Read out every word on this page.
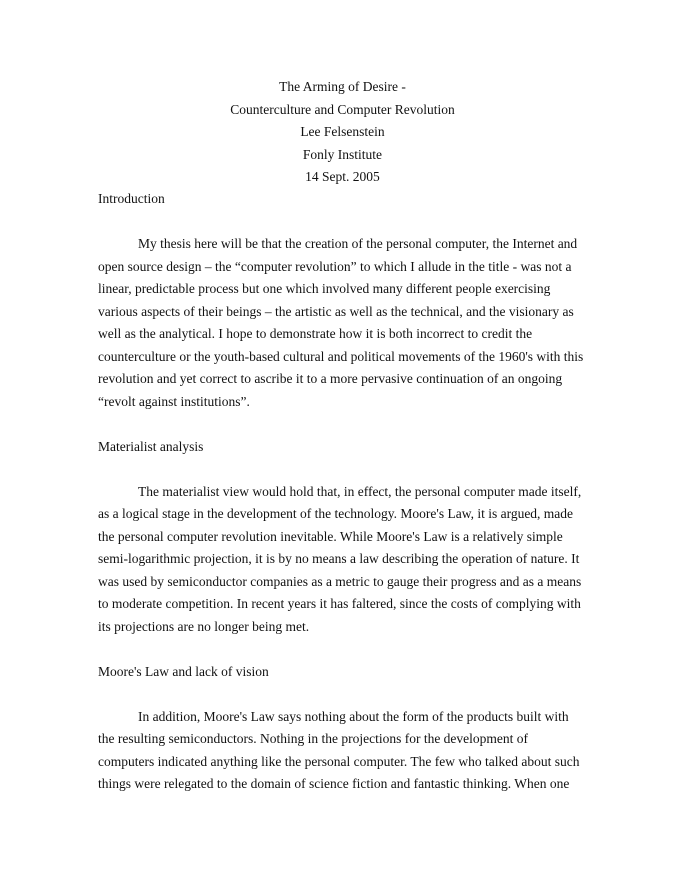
The Arming of Desire -
Counterculture and Computer Revolution
Lee Felsenstein
Fonly Institute
14 Sept. 2005
Introduction
My thesis here will be that the creation of the personal computer, the Internet and
open source design – the “computer revolution” to which I allude in the title - was not a
linear, predictable process but one which involved many different people exercising
various aspects of their beings – the artistic as well as the technical, and the visionary as
well as the analytical. I hope to demonstrate how it is both incorrect to credit the
counterculture or the youth-based cultural and political movements of the 1960's with this
revolution and yet correct to ascribe it to a more pervasive continuation of an ongoing
“revolt against institutions”.
Materialist analysis
The materialist view would hold that, in effect, the personal computer made itself,
as a logical stage in the development of the technology. Moore's Law, it is argued, made
the personal computer revolution inevitable. While Moore's Law is a relatively simple
semi-logarithmic projection, it is by no means a law describing the operation of nature. It
was used by semiconductor companies as a metric to gauge their progress and as a means
to moderate competition. In recent years it has faltered, since the costs of complying with
its projections are no longer being met.
Moore's Law and lack of vision
In addition, Moore's Law says nothing about the form of the products built with
the resulting semiconductors. Nothing in the projections for the development of
computers indicated anything like the personal computer. The few who talked about such
things were relegated to the domain of science fiction and fantastic thinking. When one
